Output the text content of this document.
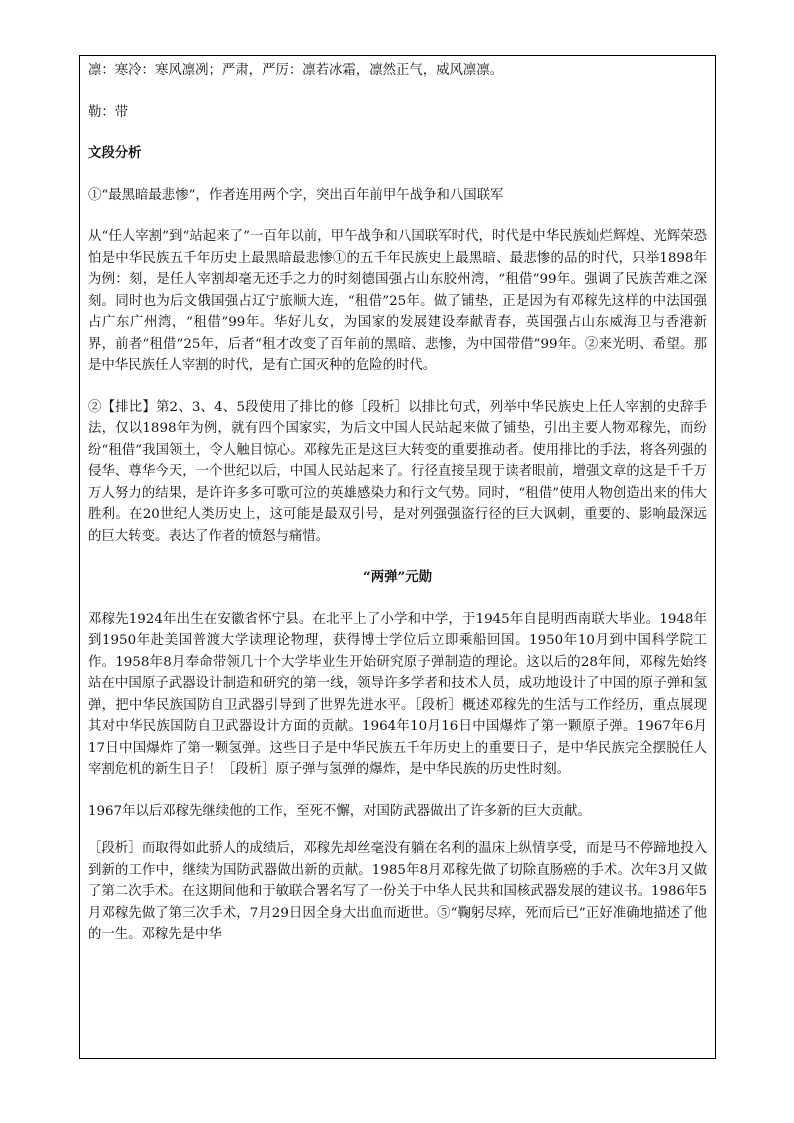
凛：寒冷：寒风凛冽；严肃，严厉：凛若冰霜，凛然正气，威风凛凛。

勒：带

文段分析

①“最黑暗最悲惨”，作者连用两个字，突出百年前甲午战争和八国联军

从“任人宰割”到“站起来了”一百年以前，甲午战争和八国联军时代，时代是中华民族灿烂辉煌、光辉荣恐怕是中华民族五千年历史上最黑暗最悲惨①的五千年民族史上最黑暗、最悲惨的品的时代，只举1898年为例：刻，是任人宰割却毫无还手之力的时刻德国强占山东胶州湾，“租借”99年。强调了民族苦难之深刻。同时也为后文俄国强占辽宁旅顺大连，“租借”25年。做了铺垫，正是因为有邓稼先这样的中法国强占广东广州湾，“租借”99年。华好儿女，为国家的发展建设奉献青春，英国强占山东威海卫与香港新界，前者“租借”25年，后者“租才改变了百年前的黑暗、悲惨，为中国带借”99年。②来光明、希望。那是中华民族任人宰割的时代，是有亡国灭种的危险的时代。

②【排比】第2、3、4、5段使用了排比的修［段析］以排比句式，列举中华民族史上任人宰割的史辞手法，仅以1898年为例，就有四个国家实，为后文中国人民站起来做了铺垫，引出主要人物邓稼先，而纷纷“租借”我国领土，令人触目惊心。邓稼先正是这巨大转变的重要推动者。使用排比的手法，将各列强的侵华、尊华今天，一个世纪以后，中国人民站起来了。行径直接呈现于读者眼前，增强文章的这是千千万万人努力的结果，是许许多多可歌可泣的英雄感染力和行文气势。同时，“租借”使用人物创造出来的伟大胜利。在20世纪人类历史上，这可能是最双引号，是对列强强盗行径的巨大讽刺，重要的、影响最深远的巨大转变。表达了作者的愤怒与痛惜。

“两弹”元勋

邓稼先1924年出生在安徽省怀宁县。在北平上了小学和中学，于1945年自昆明西南联大毕业。1948年到1950年赴美国普渡大学读理论物理，获得博士学位后立即乘船回国。1950年10月到中国科学院工作。1958年8月奉命带领几十个大学毕业生开始研究原子弹制造的理论。这以后的28年间，邓稼先始终站在中国原子武器设计制造和研究的第一线，领导许多学者和技术人员，成功地设计了中国的原子弹和氢弹，把中华民族国防自卫武器引导到了世界先进水平。［段析］概述邓稼先的生活与工作经历，重点展现其对中华民族国防自卫武器设计方面的贡献。1964年10月16日中国爆炸了第一颗原子弹。1967年6月17日中国爆炸了第一颗氢弹。这些日子是中华民族五千年历史上的重要日子，是中华民族完全摆脱任人宰割危机的新生日子！［段析］原子弹与氢弹的爆炸，是中华民族的历史性时刻。

1967年以后邓稼先继续他的工作，至死不懈，对国防武器做出了许多新的巨大贡献。

［段析］而取得如此骄人的成绩后，邓稼先却丝毫没有躺在名利的温床上纵情享受，而是马不停蹄地投入到新的工作中，继续为国防武器做出新的贡献。1985年8月邓稼先做了切除直肠癌的手术。次年3月又做了第二次手术。在这期间他和于敏联合署名写了一份关于中华人民共和国核武器发展的建议书。1986年5月邓稼先做了第三次手术，7月29日因全身大出血而逝世。⑤“鞠躬尽瘁，死而后已”正好准确地描述了他的一生。邓稼先是中华
